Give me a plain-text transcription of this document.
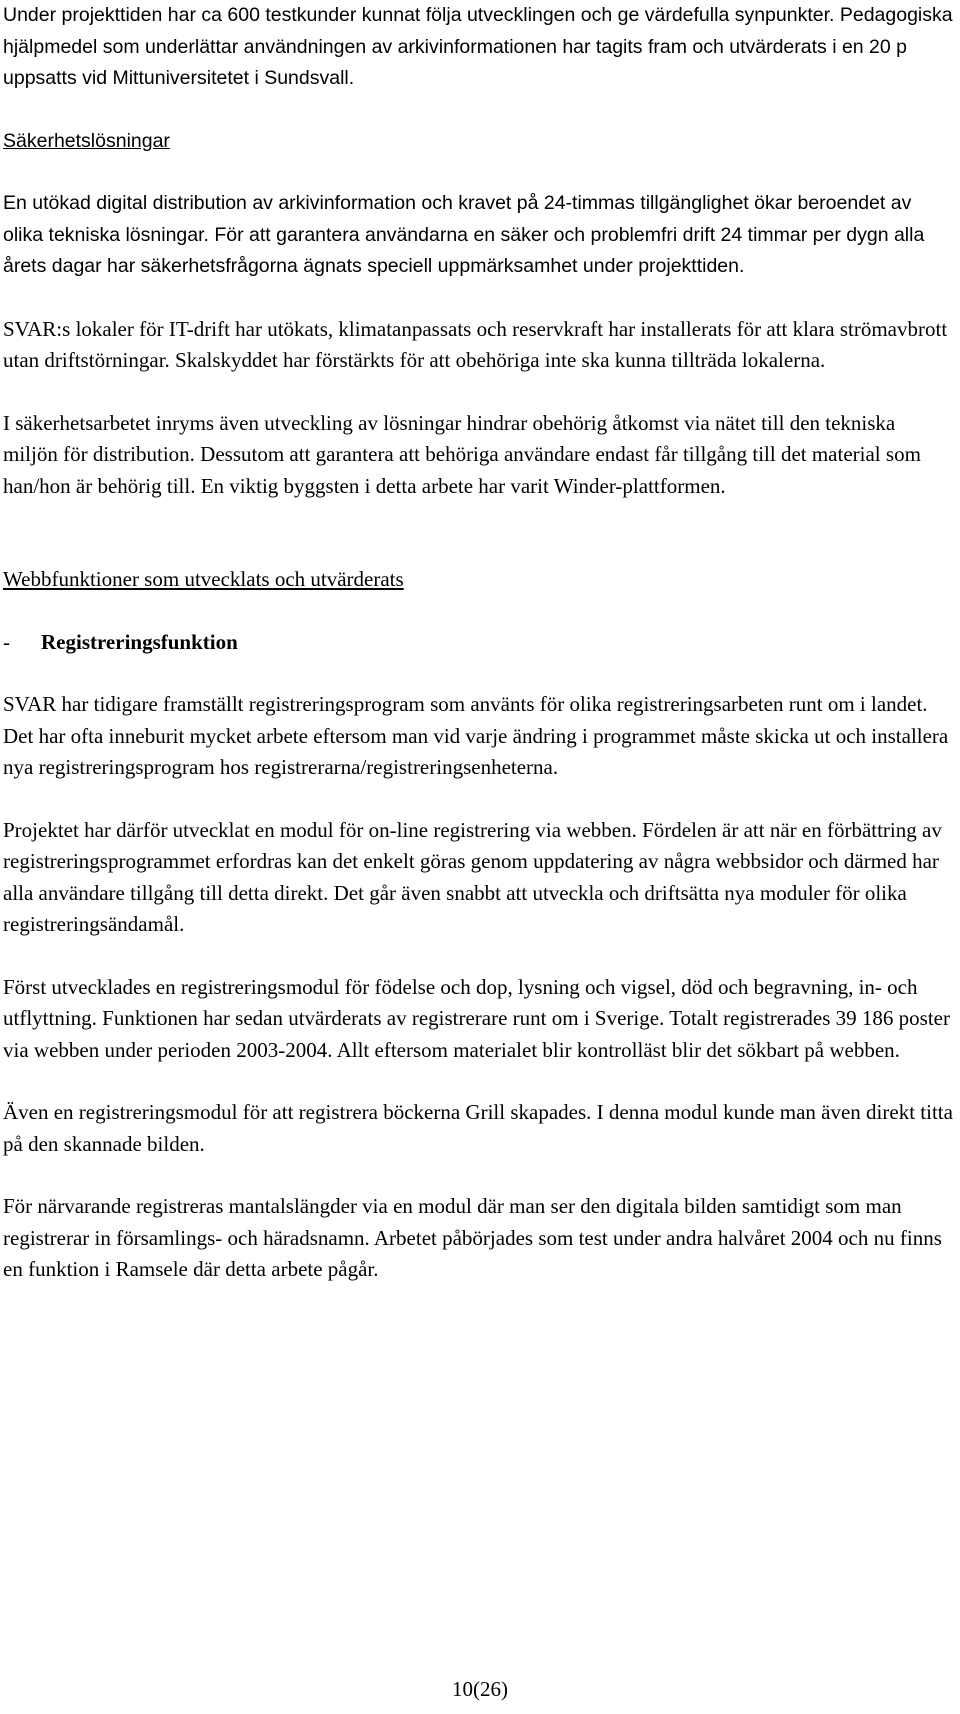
Under projekttiden har ca 600 testkunder kunnat följa utvecklingen och ge värdefulla synpunkter. Pedagogiska hjälpmedel som underlättar användningen av arkivinformationen har tagits fram och utvärderats i en 20 p uppsatts vid Mittuniversitetet i Sundsvall.

Säkerhetslösningar

En utökad digital distribution av arkivinformation och kravet på 24-timmas tillgänglighet ökar beroendet av olika tekniska lösningar. För att garantera användarna en säker och problemfri drift 24 timmar per dygn alla årets dagar har säkerhetsfrågorna ägnats speciell uppmärksamhet under projekttiden.

SVAR:s lokaler för IT-drift har utökats, klimatanpassats och reservkraft har installerats för att klara strömavbrott utan driftstörningar. Skalskyddet har förstärkts för att obehöriga inte ska kunna tillträda lokalerna.

I säkerhetsarbetet inryms även utveckling av lösningar hindrar obehörig åtkomst via nätet till den tekniska miljön för distribution. Dessutom att garantera att behöriga användare endast får tillgång till det material som han/hon är behörig till. En viktig byggsten i detta arbete har varit Winder-plattformen.

Webbfunktioner som utvecklats och utvärderats

-	Registreringsfunktion

SVAR har tidigare framställt registreringsprogram som använts för olika registreringsarbeten runt om i landet. Det har ofta inneburit mycket arbete eftersom man vid varje ändring i programmet måste skicka ut och installera nya registreringsprogram hos registrerarna/registreringsenheterna.

Projektet har därför utvecklat en modul för on-line registrering via webben. Fördelen är att när en förbättring av registreringsprogrammet erfordras kan det enkelt göras genom uppdatering av några webbsidor och därmed har alla användare tillgång till detta direkt. Det går även snabbt att utveckla och driftsätta nya moduler för olika registreringsändamål.

Först utvecklades en registreringsmodul för födelse och dop, lysning och vigsel, död och begravning, in- och utflyttning. Funktionen har sedan utvärderats av registrerare runt om i Sverige. Totalt registrerades 39 186 poster via webben under perioden 2003-2004. Allt eftersom materialet blir kontrolläst blir det sökbart på webben.

Även en registreringsmodul för att registrera böckerna Grill skapades. I denna modul kunde man även direkt titta på den skannade bilden.

För närvarande registreras mantalslängder via en modul där man ser den digitala bilden samtidigt som man registrerar in församlings- och häradsnamn. Arbetet påbörjades som test under andra halvåret 2004 och nu finns en funktion i Ramsele där detta arbete pågår.

10(26)
